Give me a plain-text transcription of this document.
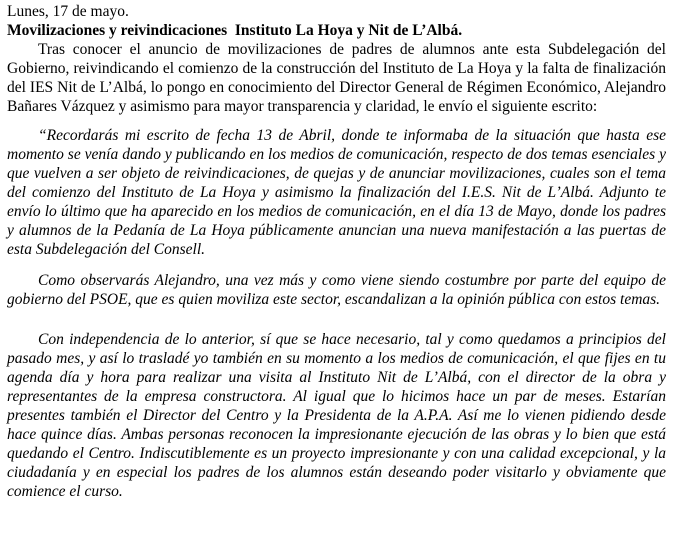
Lunes, 17 de mayo.
Movilizaciones y reivindicaciones  Instituto La Hoya y Nit de L’Albá.

Tras conocer el anuncio de movilizaciones de padres de alumnos ante esta Subdelegación del Gobierno, reivindicando el comienzo de la construcción del Instituto de La Hoya y la falta de finalización del IES Nit de L’Albá, lo pongo en conocimiento del Director General de Régimen Económico, Alejandro Bañares Vázquez y asimismo para mayor transparencia y claridad, le envío el siguiente escrito:

“Recordarás mi escrito de fecha 13 de Abril, donde te informaba de la situación que hasta ese momento se venía dando y publicando en los medios de comunicación, respecto de dos temas esenciales y que vuelven a ser objeto de reivindicaciones, de quejas y de anunciar movilizaciones, cuales son el tema del comienzo del Instituto de La Hoya y asimismo la finalización del I.E.S. Nit de L’Albá. Adjunto te envío lo último que ha aparecido en los medios de comunicación, en el día 13 de Mayo, donde los padres y alumnos de la Pedanía de La Hoya públicamente anuncian una nueva manifestación a las puertas de esta Subdelegación del Consell.

Como observarás Alejandro, una vez más y como viene siendo costumbre por parte del equipo de gobierno del PSOE, que es quien moviliza este sector, escandalizan a la opinión pública con estos temas.

Con independencia de lo anterior, sí que se hace necesario, tal y como quedamos a principios del pasado mes, y así lo trasladé yo también en su momento a los medios de comunicación, el que fijes en tu agenda día y hora para realizar una visita al Instituto Nit de L’Albá, con el director de la obra y representantes de la empresa constructora. Al igual que lo hicimos hace un par de meses. Estarían presentes también el Director del Centro y la Presidenta de la A.P.A. Así me lo vienen pidiendo desde hace quince días. Ambas personas reconocen la impresionante ejecución de las obras y lo bien que está quedando el Centro. Indiscutiblemente es un proyecto impresionante y con una calidad excepcional, y la ciudadanía y en especial los padres de los alumnos están deseando poder visitarlo y obviamente que comience el curso.
